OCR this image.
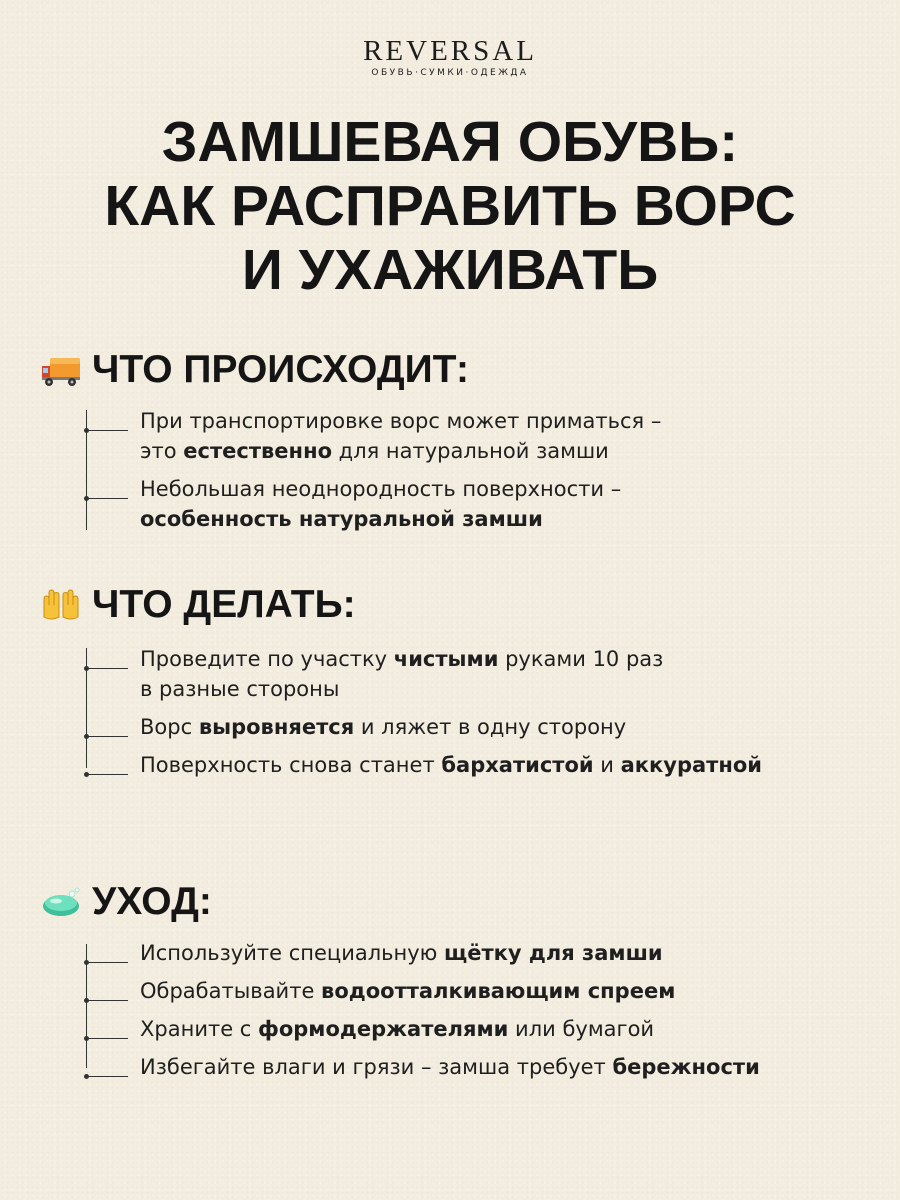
REVERSAL
ОБУВЬ·СУМКИ·ОДЕЖДА
ЗАМШЕВАЯ ОБУВЬ:
КАК РАСПРАВИТЬ ВОРС
И УХАЖИВАТЬ
ЧТО ПРОИСХОДИТ:
При транспортировке ворс может приматься –
это естественно для натуральной замши
Небольшая неоднородность поверхности –
особенность натуральной замши
ЧТО ДЕЛАТЬ:
Проведите по участку чистыми руками 10 раз
в разные стороны
Ворс выровняется и ляжет в одну сторону
Поверхность снова станет бархатистой и аккуратной
УХОД:
Используйте специальную щётку для замши
Обрабатывайте водоотталкивающим спреем
Храните с формодержателями или бумагой
Избегайте влаги и грязи – замша требует бережности
